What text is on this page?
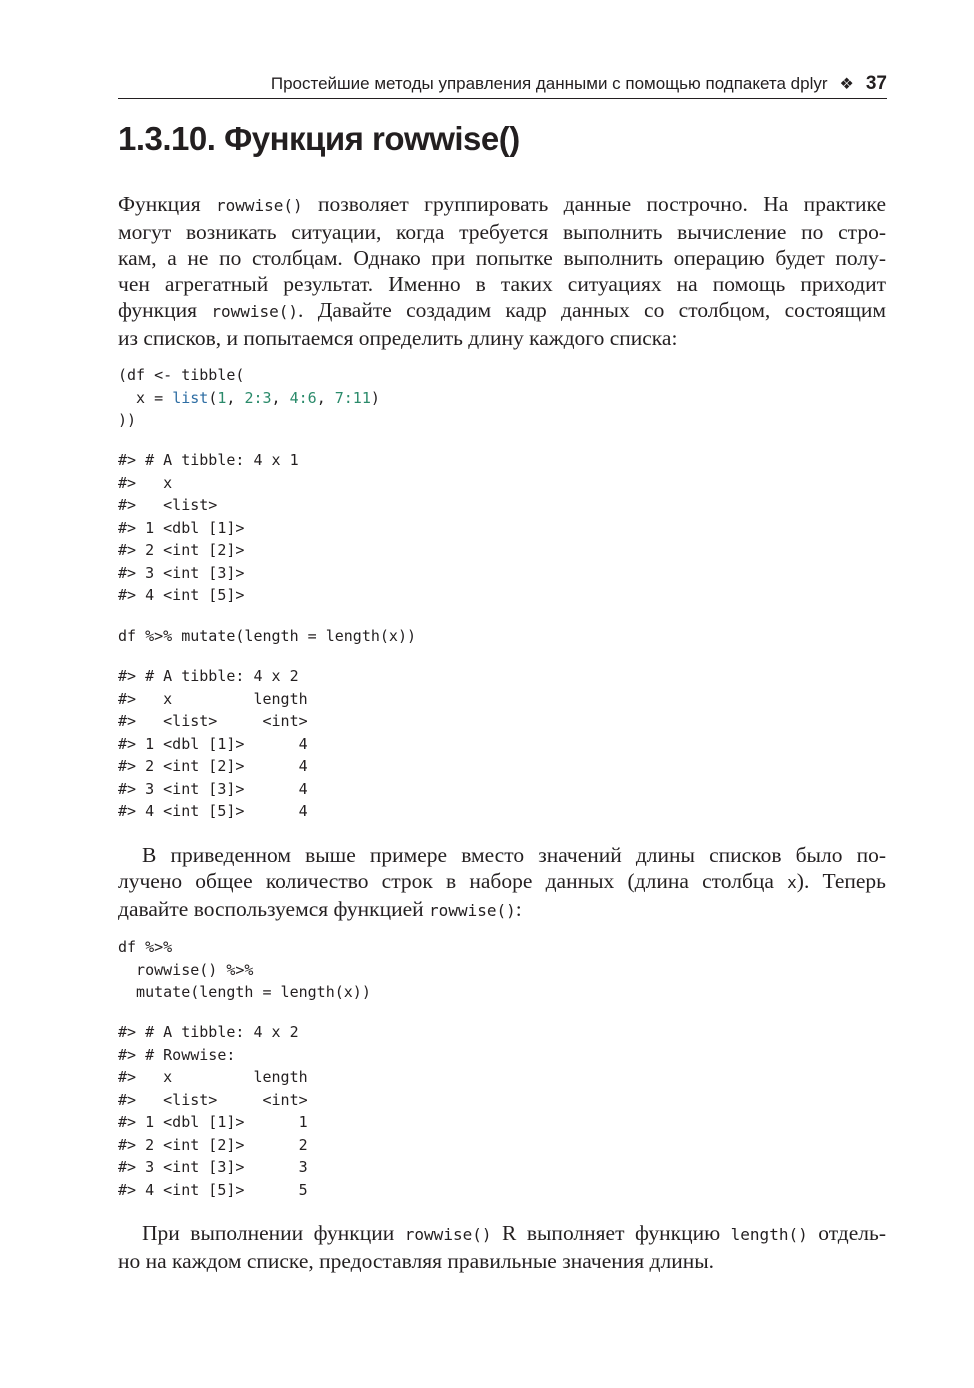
Простейшие методы управления данными с помощью подпакета dplyr ❖ 37
1.3.10. Функция rowwise()
Функция rowwise() позволяет группировать данные построчно. На практике
могут возникать ситуации, когда требуется выполнить вычисление по стро-
кам, а не по столбцам. Однако при попытке выполнить операцию будет полу-
чен агрегатный результат. Именно в таких ситуациях на помощь приходит
функция rowwise(). Давайте создадим кадр данных со столбцом, состоящим
из списков, и попытаемся определить длину каждого списка:
(df <- tibble(
x = list(1, 2:3, 4:6, 7:11)
))
#> # A tibble: 4 x 1
#>   x
#>   <list>
#> 1 <dbl [1]>
#> 2 <int [2]>
#> 3 <int [3]>
#> 4 <int [5]>
df %>% mutate(length = length(x))
#> # A tibble: 4 x 2
#>   x         length
#>   <list>     <int>
#> 1 <dbl [1]>      4
#> 2 <int [2]>      4
#> 3 <int [3]>      4
#> 4 <int [5]>      4
В приведенном выше примере вместо значений длины списков было по-
лучено общее количество строк в наборе данных (длина столбца x). Теперь
давайте воспользуемся функцией rowwise():
df %>%
rowwise() %>%
mutate(length = length(x))
#> # A tibble: 4 x 2
#> # Rowwise:
#>   x         length
#>   <list>     <int>
#> 1 <dbl [1]>      1
#> 2 <int [2]>      2
#> 3 <int [3]>      3
#> 4 <int [5]>      5
При выполнении функции rowwise() R выполняет функцию length() отдель-
но на каждом списке, предоставляя правильные значения длины.
